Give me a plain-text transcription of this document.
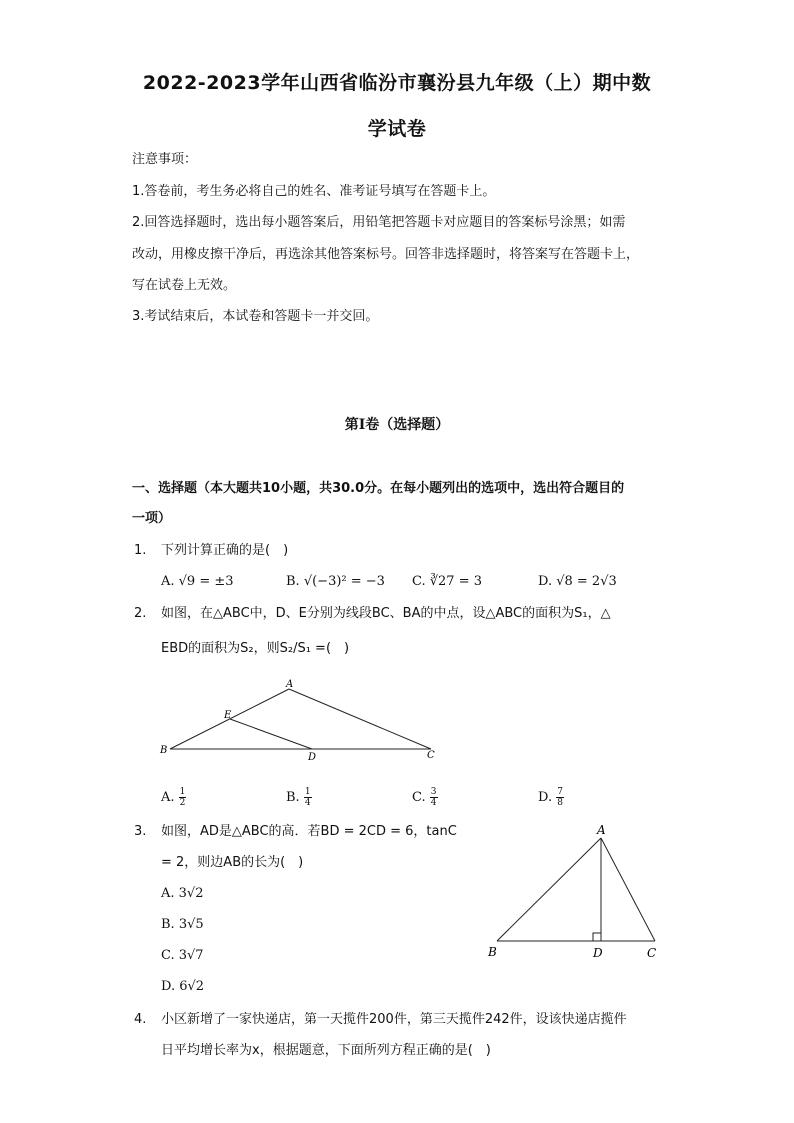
2022-2023学年山西省临汾市襄汾县九年级（上）期中数
学试卷
注意事项：
1.答卷前，考生务必将自己的姓名、准考证号填写在答题卡上。
2.回答选择题时，选出每小题答案后，用铅笔把答题卡对应题目的答案标号涂黑；如需
改动，用橡皮擦干净后，再选涂其他答案标号。回答非选择题时，将答案写在答题卡上，
写在试卷上无效。
3.考试结束后，本试卷和答题卡一并交回。
第I卷（选择题）
一、选择题（本大题共10小题，共30.0分。在每小题列出的选项中，选出符合题目的
一项）
1. 下列计算正确的是(　)
A. √9 = ±3	B. √(−3)² = −3 C. ∛27 = 3	D. √8 = 2√3
2. 如图，在△ABC中，D、E分别为线段BC、BA的中点，设△ABC的面积为S₁，△
EBD的面积为S₂，则S₂/S₁ =(　)
A
B	C
D
E
A. $\frac{1}{2}$	B. $\frac{1}{4}$	C. $\frac{3}{4}$	D. $\frac{7}{8}$
3. 如图，AD是△ABC的高．若BD = 2CD = 6，tanC
= 2，则边AB的长为(　)
A. 3√2
B. 3√5
C. 3√7
D. 6√2
A
B	C
D
4. 小区新增了一家快递店，第一天揽件200件，第三天揽件242件，设该快递店揽件
日平均增长率为x，根据题意，下面所列方程正确的是(　)
